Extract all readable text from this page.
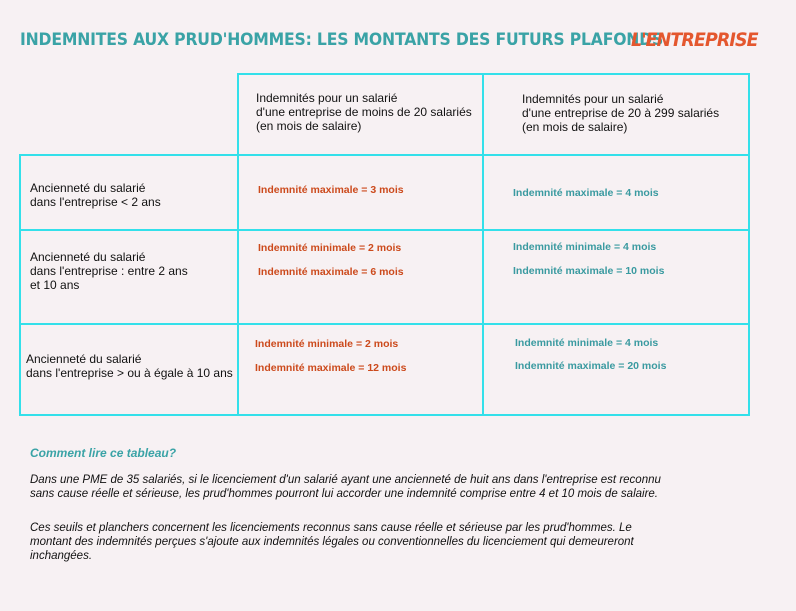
INDEMNITES AUX PRUD'HOMMES: LES MONTANTS DES FUTURS PLAFONDS
L'ENTREPRISE
Indemnités pour un salarié
d'une entreprise de moins de 20 salariés
(en mois de salaire)
Indemnités pour un salarié
d'une entreprise de 20 à 299 salariés
(en mois de salaire)
Ancienneté du salarié
dans l'entreprise < 2 ans
Ancienneté du salarié
dans l'entreprise : entre 2 ans
et 10 ans
Ancienneté du salarié
dans l'entreprise > ou à égale à 10 ans
Indemnité maximale = 3 mois	Indemnité maximale = 4 mois
Indemnité minimale = 2 mois
Indemnité maximale = 6 mois
Indemnité minimale = 4 mois
Indemnité maximale = 10 mois
Indemnité minimale = 2 mois
Indemnité maximale = 12 mois
Indemnité minimale = 4 mois
Indemnité maximale = 20 mois
Comment lire ce tableau?
Dans une PME de 35 salariés, si le licenciement d'un salarié ayant une ancienneté de huit ans dans l'entreprise est reconnu
sans cause réelle et sérieuse, les prud'hommes pourront lui accorder une indemnité comprise entre 4 et 10 mois de salaire.
Ces seuils et planchers concernent les licenciements reconnus sans cause réelle et sérieuse par les prud'hommes. Le
montant des indemnités perçues s'ajoute aux indemnités légales ou conventionnelles du licenciement qui demeureront
inchangées.
